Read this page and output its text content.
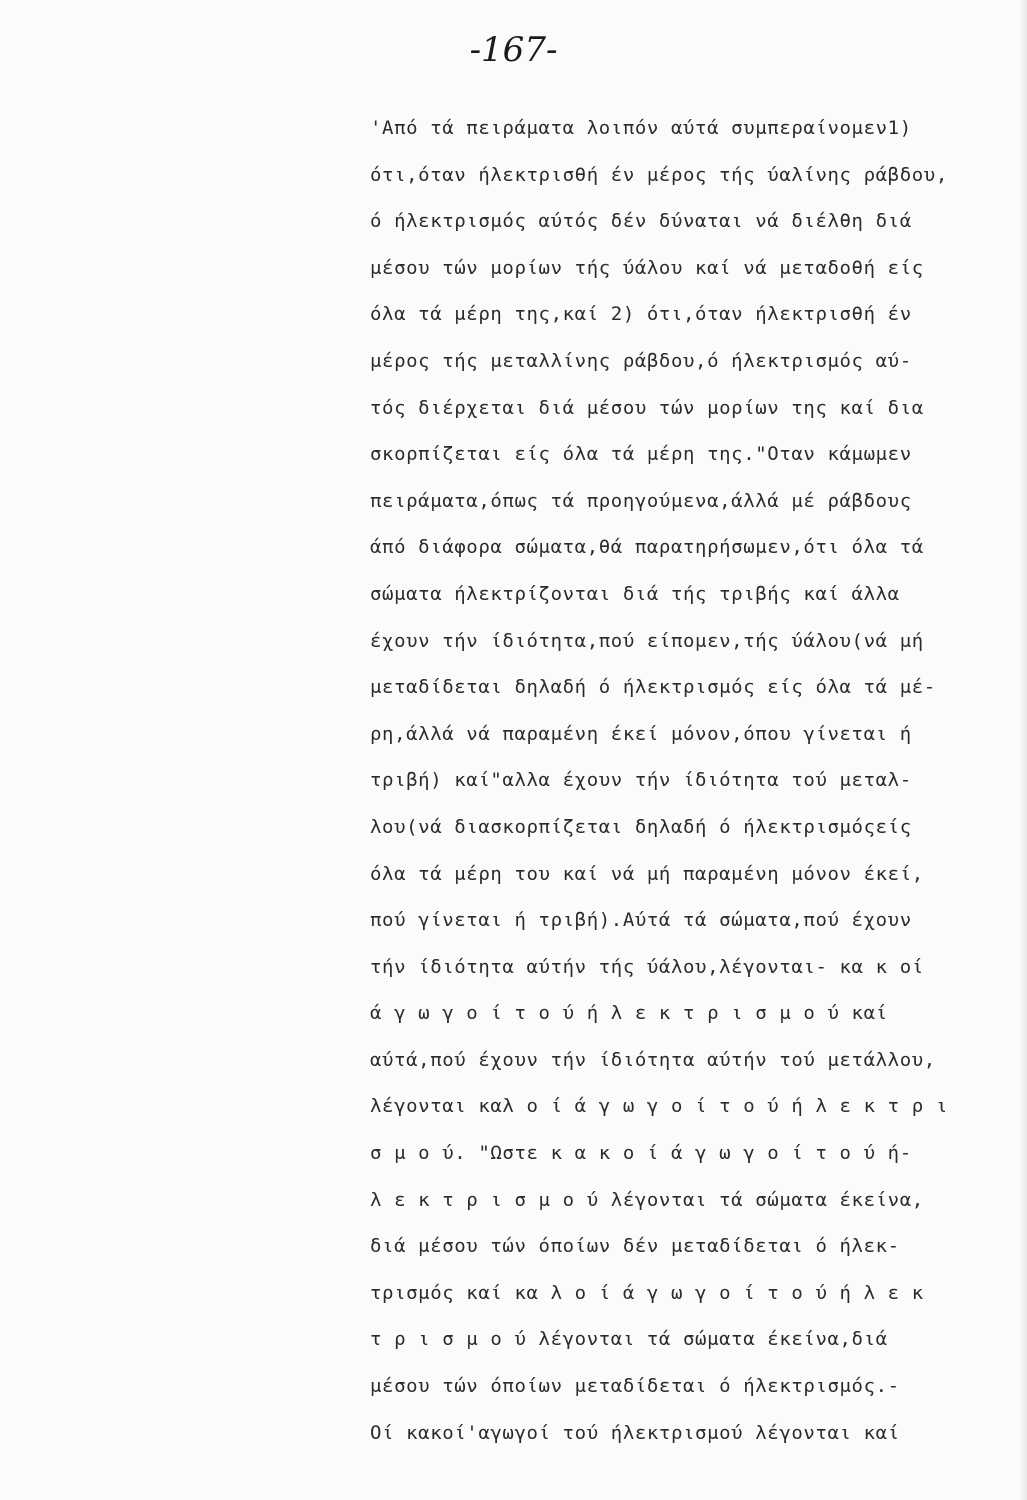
-167-
'Από τά πειράματα λοιπόν αύτά συμπεραίνομεν1)
ότι,όταν ήλεκτρισθή έν μέρος τής ύαλίνης ράβδου,
ό ήλεκτρισμός αύτός δέν δύναται νά διέλθη διά
μέσου τών μορίων τής ύάλου καί νά μεταδοθή είς
όλα τά μέρη της,καί 2) ότι,όταν ήλεκτρισθή έν
μέρος τής μεταλλίνης ράβδου,ό ήλεκτρισμός αύ-
τός διέρχεται διά μέσου τών μορίων της καί δια
σκορπίζεται είς όλα τά μέρη της."Οταν κάμωμεν
πειράματα,όπως τά προηγούμενα,άλλά μέ ράβδους
άπό διάφορα σώματα,θά παρατηρήσωμεν,ότι όλα τά
σώματα ήλεκτρίζονται διά τής τριβής καί άλλα
έχουν τήν ίδιότητα,πού είπομεν,τής ύάλου(νά μή
μεταδίδεται δηλαδή ό ήλεκτρισμός είς όλα τά μέ-
ρη,άλλά νά παραμένη έκεί μόνον,όπου γίνεται ή
τριβή) καί"αλλα έχουν τήν ίδιότητα τού μεταλ-
λου(νά διασκορπίζεται δηλαδή ό ήλεκτρισμόςείς
όλα τά μέρη του καί νά μή παραμένη μόνον έκεί,
πού γίνεται ή τριβή).Αύτά τά σώματα,πού έχουν
τήν ίδιότητα αύτήν τής ύάλου,λέγονται- κα κ οί
ά γ ω γ ο ί τ ο ύ ή λ ε κ τ ρ ι σ μ ο ύ καί
αύτά,πού έχουν τήν ίδιότητα αύτήν τού μετάλλου,
λέγονται καλ ο ί ά γ ω γ ο ί τ ο ύ ή λ ε κ τ ρ ι
σ μ ο ύ. "Ωστε κ α κ ο ί ά γ ω γ ο ί τ ο ύ ή-
λ ε κ τ ρ ι σ μ ο ύ λέγονται τά σώματα έκείνα,
διά μέσου τών όποίων δέν μεταδίδεται ό ήλεκ-
τρισμός καί κα λ ο ί ά γ ω γ ο ί τ ο ύ ή λ ε κ
τ ρ ι σ μ ο ύ λέγονται τά σώματα έκείνα,διά
μέσου τών όποίων μεταδίδεται ό ήλεκτρισμός.-
Οί κακοί'αγωγοί τού ήλεκτρισμού λέγονται καί
